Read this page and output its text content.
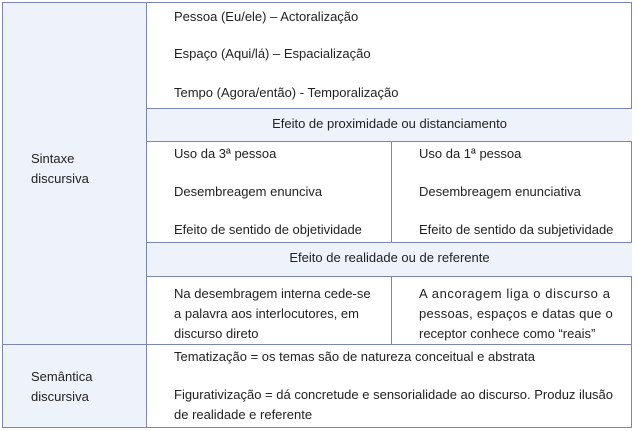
Sintaxe
discursiva
Semântica
discursiva
Pessoa (Eu/ele) – Actoralização
Espaço (Aqui/lá) – Espacialização
Tempo (Agora/então) - Temporalização
Efeito de proximidade ou distanciamento
Uso da 3ª pessoa
Desembreagem enunciva
Efeito de sentido de objetividade
Uso da 1ª pessoa
Desembreagem enunciativa
Efeito de sentido da subjetividade
Efeito de realidade ou de referente
Na desembragem interna cede-se
a palavra aos interlocutores, em
discurso direto
A ancoragem liga o discurso a
pessoas, espaços e datas que o
receptor conhece como “reais”
Tematização = os temas são de natureza conceitual e abstrata
Figurativização = dá concretude e sensorialidade ao discurso. Produz ilusão
de realidade e referente
